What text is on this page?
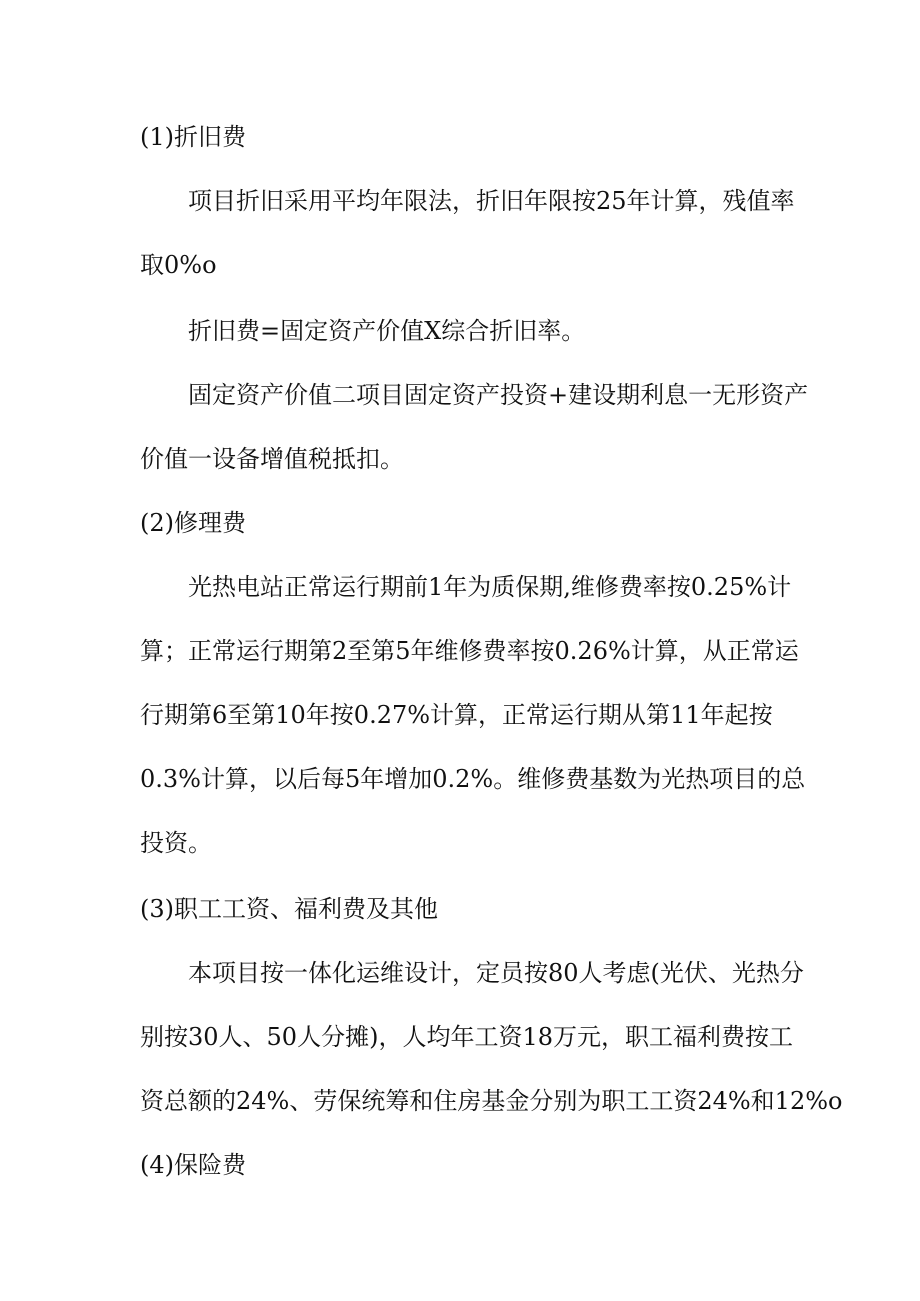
(1)折旧费
项目折旧采用平均年限法，折旧年限按25年计算，残值率
取0%o
折旧费=固定资产价值X综合折旧率。
固定资产价值二项目固定资产投资+建设期利息一无形资产
价值一设备增值税抵扣。
(2)修理费
光热电站正常运行期前1年为质保期,维修费率按0.25%计
算；正常运行期第2至第5年维修费率按0.26%计算，从正常运
行期第6至第10年按0.27%计算，正常运行期从第11年起按
0.3%计算，以后每5年增加0.2%。维修费基数为光热项目的总
投资。
(3)职工工资、福利费及其他
本项目按一体化运维设计，定员按80人考虑(光伏、光热分
别按30人、50人分摊)，人均年工资18万元，职工福利费按工
资总额的24%、劳保统筹和住房基金分别为职工工资24%和12%o
(4)保险费
